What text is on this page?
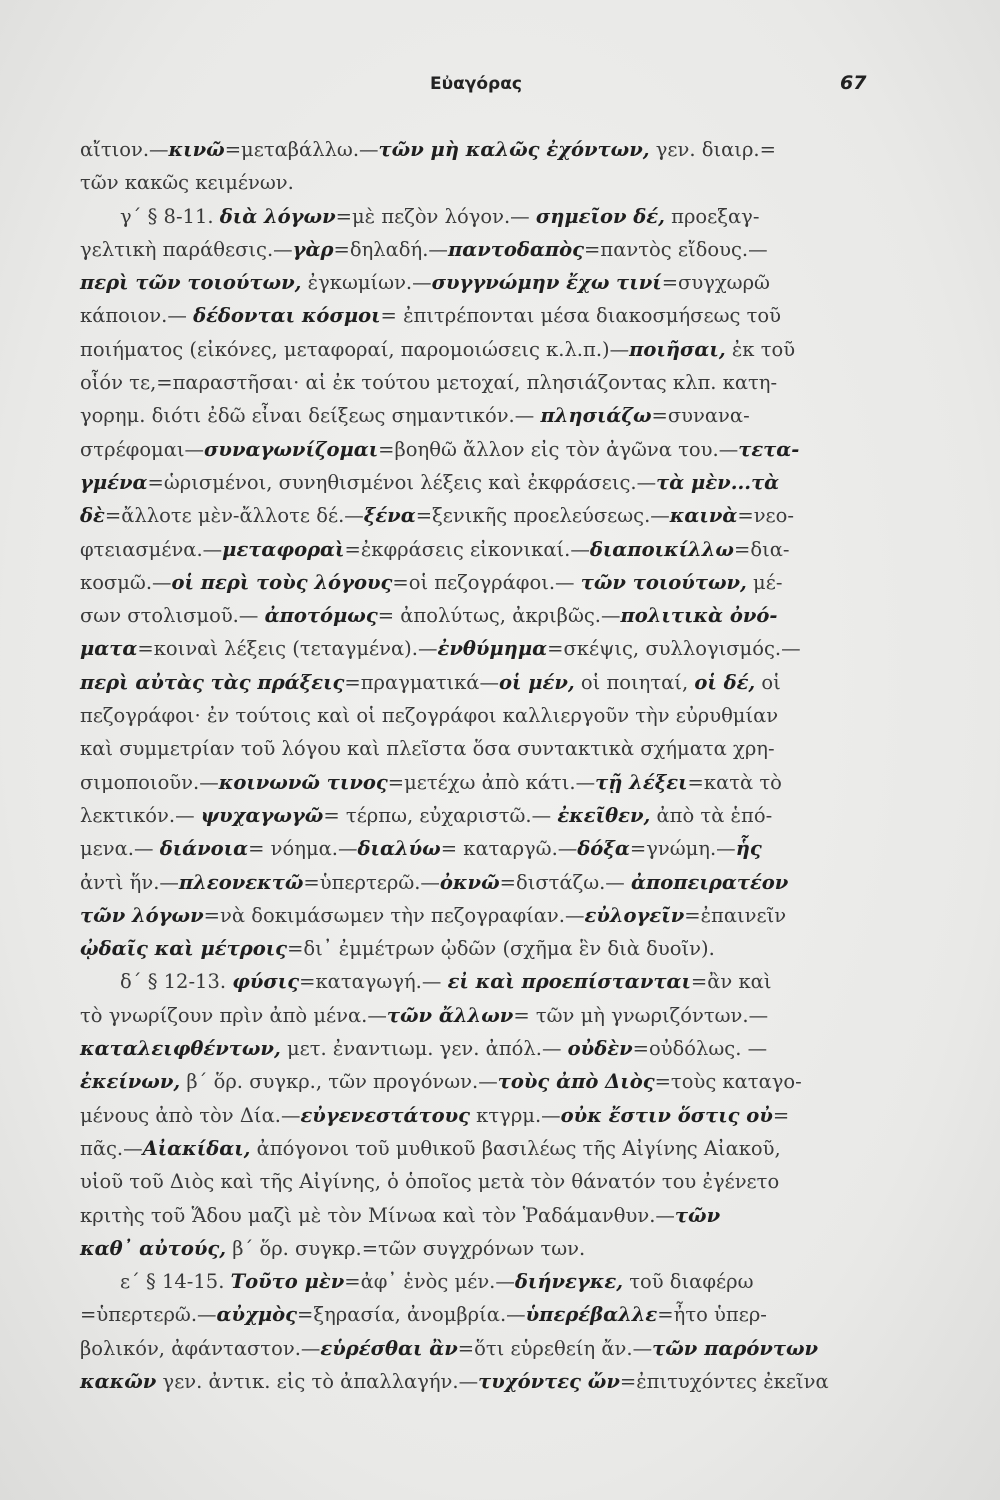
Εὐαγόρας	67
αἴτιον.—κινῶ=μεταβάλλω.—τῶν μὴ καλῶς ἐχόντων, γεν. διαιρ.=
τῶν κακῶς κειμένων.
γ΄ § 8-11. διὰ λόγων=μὲ πεζὸν λόγον.— σημεῖον δέ, προεξαγ-
γελτικὴ παράθεσις.—γὰρ=δηλαδή.—παντοδαπὸς=παντὸς εἴδους.—
περὶ τῶν τοιούτων, ἐγκωμίων.—συγγνώμην ἔχω τινί=συγχωρῶ
κάποιον.— δέδονται κόσμοι= ἐπιτρέπονται μέσα διακοσμήσεως τοῦ
ποιήματος (εἰκόνες, μεταφοραί, παρομοιώσεις κ.λ.π.)—ποιῆσαι, ἐκ τοῦ
οἷόν τε,=παραστῆσαι· αἱ ἐκ τούτου μετοχαί, πλησιάζοντας κλπ. κατη-
γορημ. διότι ἐδῶ εἶναι δείξεως σημαντικόν.— πλησιάζω=συνανα-
στρέφομαι—συναγωνίζομαι=βοηθῶ ἄλλον εἰς τὸν ἀγῶνα του.—τετα-
γμένα=ὡρισμένοι, συνηθισμένοι λέξεις καὶ ἐκφράσεις.—τὰ μὲν...τὰ
δὲ=ἄλλοτε μὲν-ἄλλοτε δέ.—ξένα=ξενικῆς προελεύσεως.—καινὰ=νεο-
φτειασμένα.—μεταφοραὶ=ἐκφράσεις εἰκονικαί.—διαποικίλλω=δια-
κοσμῶ.—οἱ περὶ τοὺς λόγους=οἱ πεζογράφοι.— τῶν τοιούτων, μέ-
σων στολισμοῦ.— ἀποτόμως= ἀπολύτως, ἀκριβῶς.—πολιτικὰ ὀνό-
ματα=κοιναὶ λέξεις (τεταγμένα).—ἐνθύμημα=σκέψις, συλλογισμός.—
περὶ αὐτὰς τὰς πράξεις=πραγματικά—οἱ μέν, οἱ ποιηταί, οἱ δέ, οἱ
πεζογράφοι· ἐν τούτοις καὶ οἱ πεζογράφοι καλλιεργοῦν τὴν εὐρυθμίαν
καὶ συμμετρίαν τοῦ λόγου καὶ πλεῖστα ὅσα συντακτικὰ σχήματα χρη-
σιμοποιοῦν.—κοινωνῶ τινος=μετέχω ἀπὸ κάτι.—τῇ λέξει=κατὰ τὸ
λεκτικόν.— ψυχαγωγῶ= τέρπω, εὐχαριστῶ.— ἐκεῖθεν, ἀπὸ τὰ ἑπό-
μενα.— διάνοια= νόημα.—διαλύω= καταργῶ.—δόξα=γνώμη.—ἧς
ἀντὶ ἥν.—πλεονεκτῶ=ὑπερτερῶ.—ὀκνῶ=διστάζω.— ἀποπειρατέον
τῶν λόγων=νὰ δοκιμάσωμεν τὴν πεζογραφίαν.—εὐλογεῖν=ἐπαινεῖν
ᾠδαῖς καὶ μέτροις=δι᾽ ἐμμέτρων ᾠδῶν (σχῆμα ἓν διὰ δυοῖν).
δ΄ § 12-13. φύσις=καταγωγή.— εἰ καὶ προεπίστανται=ἂν καὶ
τὸ γνωρίζουν πρὶν ἀπὸ μένα.—τῶν ἄλλων= τῶν μὴ γνωριζόντων.—
καταλειφθέντων, μετ. ἐναντιωμ. γεν. ἀπόλ.— οὐδὲν=οὐδόλως. —
ἐκείνων, β΄ ὅρ. συγκρ., τῶν προγόνων.—τοὺς ἀπὸ Διὸς=τοὺς καταγο-
μένους ἀπὸ τὸν Δία.—εὐγενεστάτους κτγρμ.—οὐκ ἔστιν ὅστις οὐ=
πᾶς.—Αἰακίδαι, ἀπόγονοι τοῦ μυθικοῦ βασιλέως τῆς Αἰγίνης Αἰακοῦ,
υἱοῦ τοῦ Διὸς καὶ τῆς Αἰγίνης, ὁ ὁποῖος μετὰ τὸν θάνατόν του ἐγένετο
κριτὴς τοῦ Ἅδου μαζὶ μὲ τὸν Μίνωα καὶ τὸν Ῥαδάμανθυν.—τῶν
καθ᾽ αὐτούς, β΄ ὅρ. συγκρ.=τῶν συγχρόνων των.
ε΄ § 14-15. Τοῦτο μὲν=ἀφ᾽ ἑνὸς μέν.—διήνεγκε, τοῦ διαφέρω
=ὑπερτερῶ.—αὐχμὸς=ξηρασία, ἀνομβρία.—ὑπερέβαλλε=ἦτο ὑπερ-
βολικόν, ἀφάνταστον.—εὑρέσθαι ἂν=ὅτι εὑρεθείη ἄν.—τῶν παρόντων
κακῶν γεν. ἀντικ. εἰς τὸ ἀπαλλαγήν.—τυχόντες ὤν=ἐπιτυχόντες ἐκεῖνα
